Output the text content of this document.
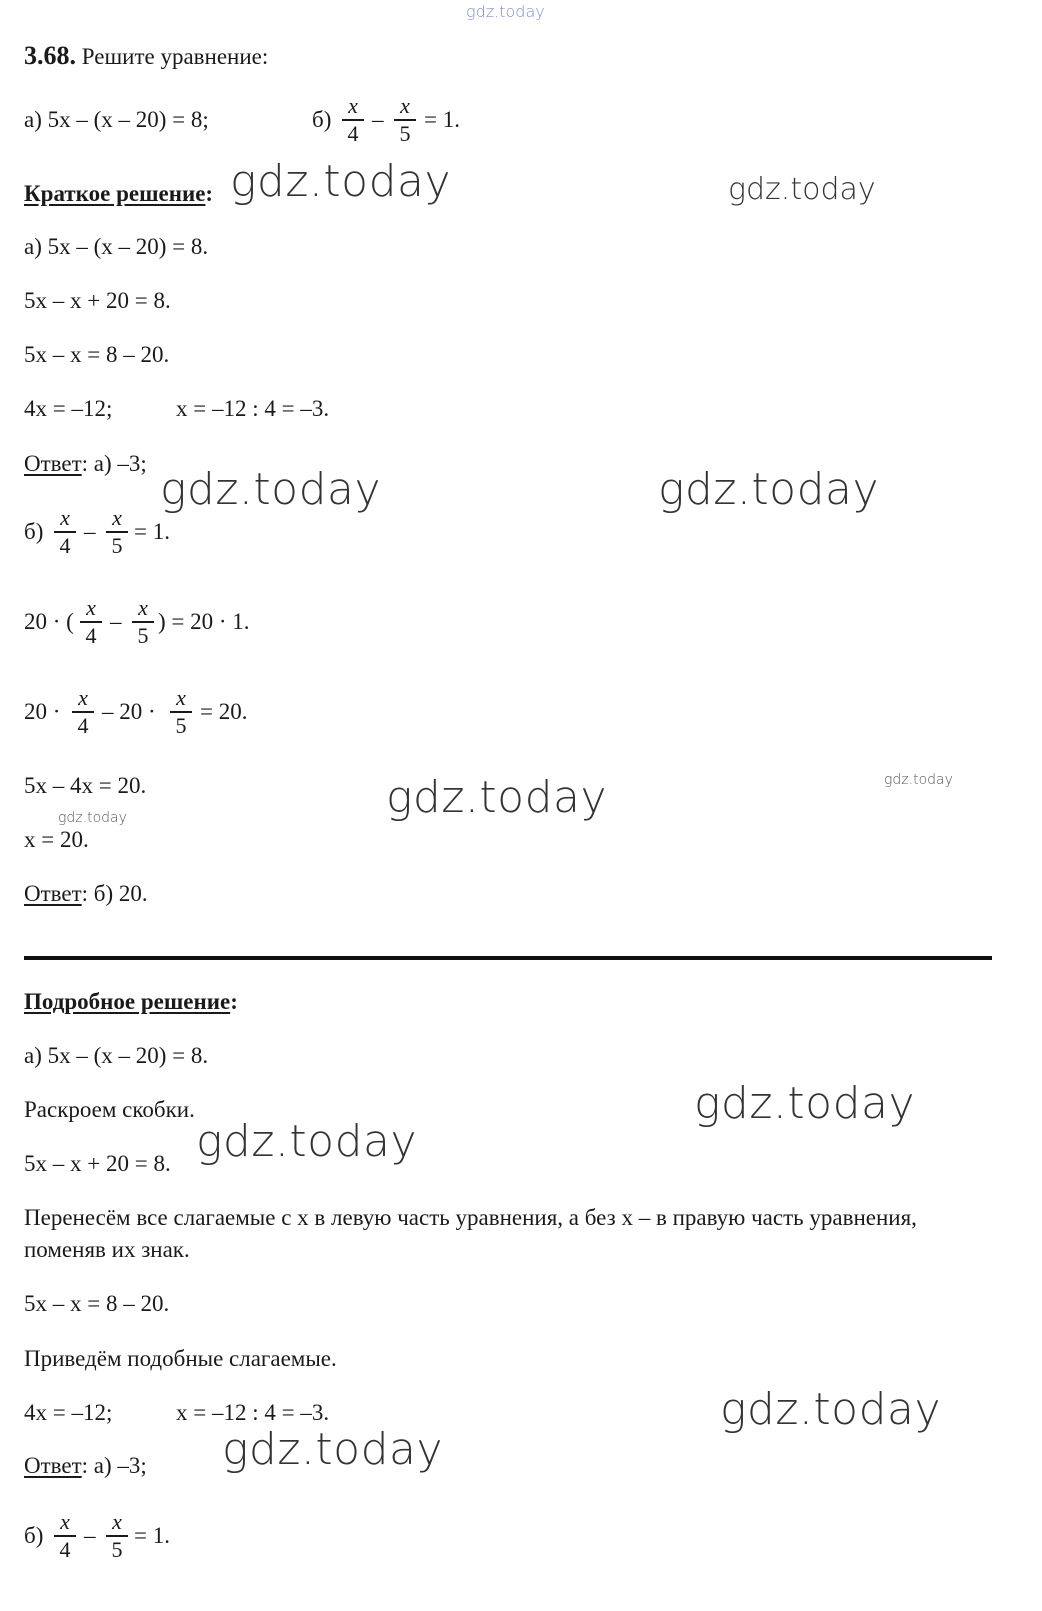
gdz.today
3.68. Решите уравнение:
а) 5x – (x – 20) = 8;	б)
x
4
–
x
5
= 1.
Краткое решение: gdz.today	gdz.today
а) 5x – (x – 20) = 8.
5x – x + 20 = 8.
5x – x = 8 – 20.
4x = –12;	x = –12 : 4 = –3.
Ответ: а) –3;
gdz.today	gdz.today
б)
x
4
–
x
5
= 1.
20 · (
x
4
–
x
5
) = 20 · 1.
20 ·
x
4
– 20 ·
x
5
= 20.
5x – 4x = 20.	gdz.today	gdz.today
gdz.today
x = 20.
Ответ: б) 20.
Подробное решение:
а) 5x – (x – 20) = 8.
gdz.today
Раскроем скобки.
5x – x + 20 = 8. gdz.today
Перенесём все слагаемые с x в левую часть уравнения, а без x – в правую часть уравнения,
поменяв их знак.
5x – x = 8 – 20.
Приведём подобные слагаемые.
4x = –12;	x = –12 : 4 = –3.	gdz.today
Ответ: а) –3; gdz.today
б)
x
4
–
x
5
= 1.
